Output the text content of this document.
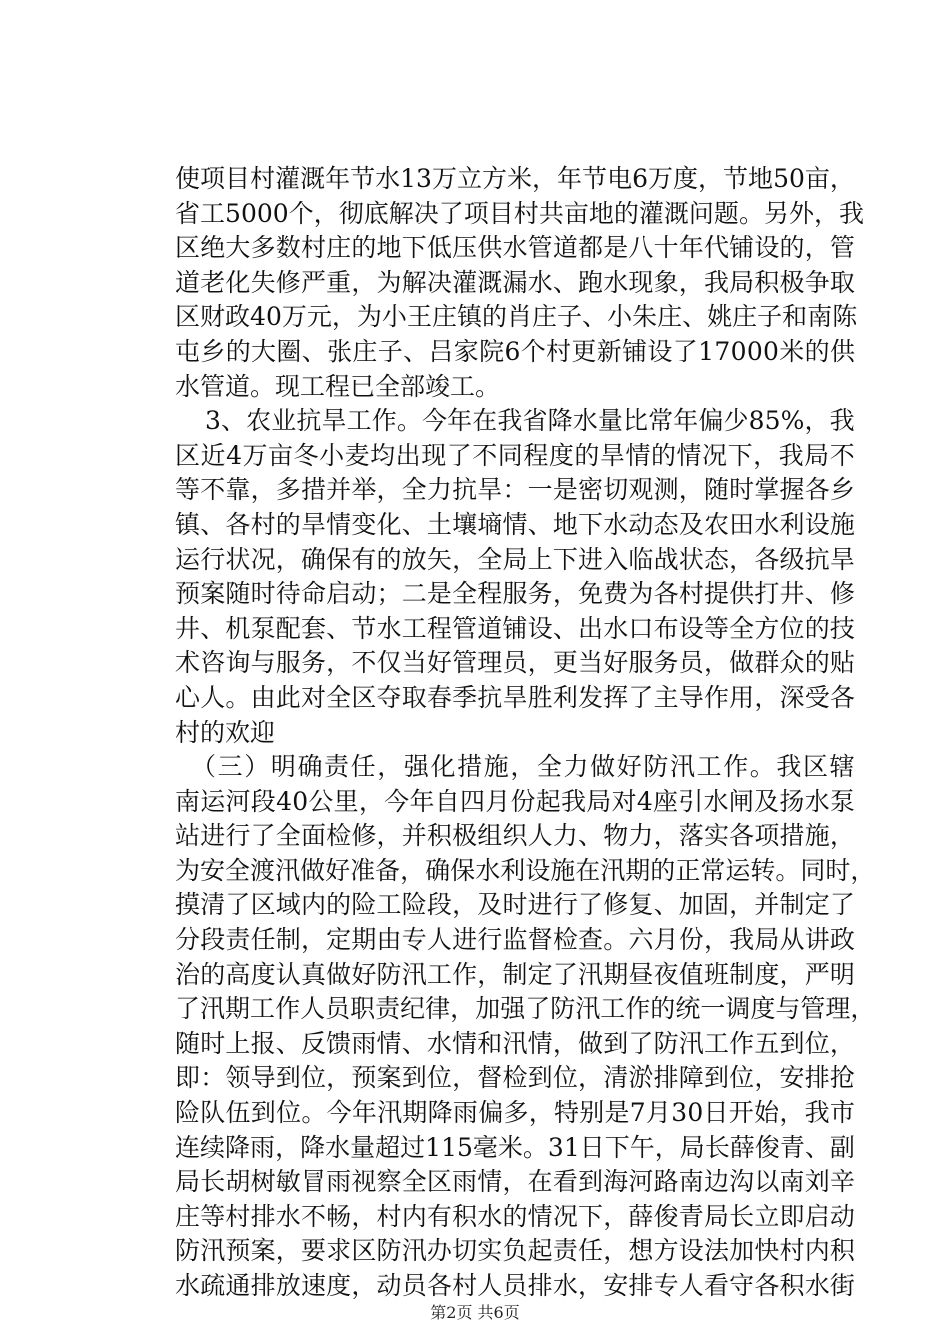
使 项 目 村 灌 溉 年 节 水 1 3 万 立 方 米 ， 年 节 电 6 万 度 ， 节 地 5 0 亩 ，
省 工 5 0 0 0 个 ， 彻 底 解 决 了 项 目 村 共 亩 地 的 灌 溉 问 题 。 另 外 ， 我
区 绝 大 多 数 村 庄 的 地 下 低 压 供 水 管 道 都 是 八 十 年 代 铺 设 的 ， 管
道 老 化 失 修 严 重 ， 为 解 决 灌 溉 漏 水 、 跑 水 现 象 ， 我 局 积 极 争 取
区 财 政 4 0 万 元 ， 为 小 王 庄 镇 的 肖 庄 子 、 小 朱 庄 、 姚 庄 子 和 南 陈
屯 乡 的 大 圈 、 张 庄 子 、 吕 家 院 6 个 村 更 新 铺 设 了 1 7 0 0 0 米 的 供
水管道。现工程已全部竣工。
3 、 农 业 抗 旱 工 作 。 今 年 在 我 省 降 水 量 比 常 年 偏 少 8 5 % ， 我
区 近 4 万 亩 冬 小 麦 均 出 现 了 不 同 程 度 的 旱 情 的 情 况 下 ， 我 局 不
等 不 靠 ， 多 措 并 举 ， 全 力 抗 旱 ： 一 是 密 切 观 测 ， 随 时 掌 握 各 乡
镇 、 各 村 的 旱 情 变 化 、 土 壤 墒 情 、 地 下 水 动 态 及 农 田 水 利 设 施
运 行 状 况 ， 确 保 有 的 放 矢 ， 全 局 上 下 进 入 临 战 状 态 ， 各 级 抗 旱
预 案 随 时 待 命 启 动 ； 二 是 全 程 服 务 ， 免 费 为 各 村 提 供 打 井 、 修
井 、 机 泵 配 套 、 节 水 工 程 管 道 铺 设 、 出 水 口 布 设 等 全 方 位 的 技
术 咨 询 与 服 务 ， 不 仅 当 好 管 理 员 ， 更 当 好 服 务 员 ， 做 群 众 的 贴
心 人 。 由 此 对 全 区 夺 取 春 季 抗 旱 胜 利 发 挥 了 主 导 作 用 ， 深 受 各
村的欢迎
（ 三 ） 明 确 责 任 ， 强 化 措 施 ， 全 力 做 好 防 汛 工 作 。 我 区 辖
南 运 河 段 4 0 公 里 ， 今 年 自 四 月 份 起 我 局 对 4 座 引 水 闸 及 扬 水 泵
站 进 行 了 全 面 检 修 ， 并 积 极 组 织 人 力 、 物 力 ， 落 实 各 项 措 施 ，
为 安 全 渡 汛 做 好 准 备 ， 确 保 水 利 设 施 在 汛 期 的 正 常 运 转 。 同 时 ，
摸 清 了 区 域 内 的 险 工 险 段 ， 及 时 进 行 了 修 复 、 加 固 ， 并 制 定 了
分 段 责 任 制 ， 定 期 由 专 人 进 行 监 督 检 查 。 六 月 份 ， 我 局 从 讲 政
治 的 高 度 认 真 做 好 防 汛 工 作 ， 制 定 了 汛 期 昼 夜 值 班 制 度 ， 严 明
了 汛 期 工 作 人 员 职 责 纪 律 ， 加 强 了 防 汛 工 作 的 统 一 调 度 与 管 理 ，
随 时 上 报 、 反 馈 雨 情 、 水 情 和 汛 情 ， 做 到 了 防 汛 工 作 五 到 位 ，
即 ： 领 导 到 位 ， 预 案 到 位 ， 督 检 到 位 ， 清 淤 排 障 到 位 ， 安 排 抢
险 队 伍 到 位 。 今 年 汛 期 降 雨 偏 多 ， 特 别 是 7 月 3 0 日 开 始 ， 我 市
连 续 降 雨 ， 降 水 量 超 过 1 1 5 毫 米 。 3 1 日 下 午 ， 局 长 薛 俊 青 、 副
局 长 胡 树 敏 冒 雨 视 察 全 区 雨 情 ， 在 看 到 海 河 路 南 边 沟 以 南 刘 辛
庄 等 村 排 水 不 畅 ， 村 内 有 积 水 的 情 况 下 ， 薛 俊 青 局 长 立 即 启 动
防 汛 预 案 ， 要 求 区 防 汛 办 切 实 负 起 责 任 ， 想 方 设 法 加 快 村 内 积
水 疏 通 排 放 速 度 ， 动 员 各 村 人 员 排 水 ， 安 排 专 人 看 守 各 积 水 街
第2页 共6页
